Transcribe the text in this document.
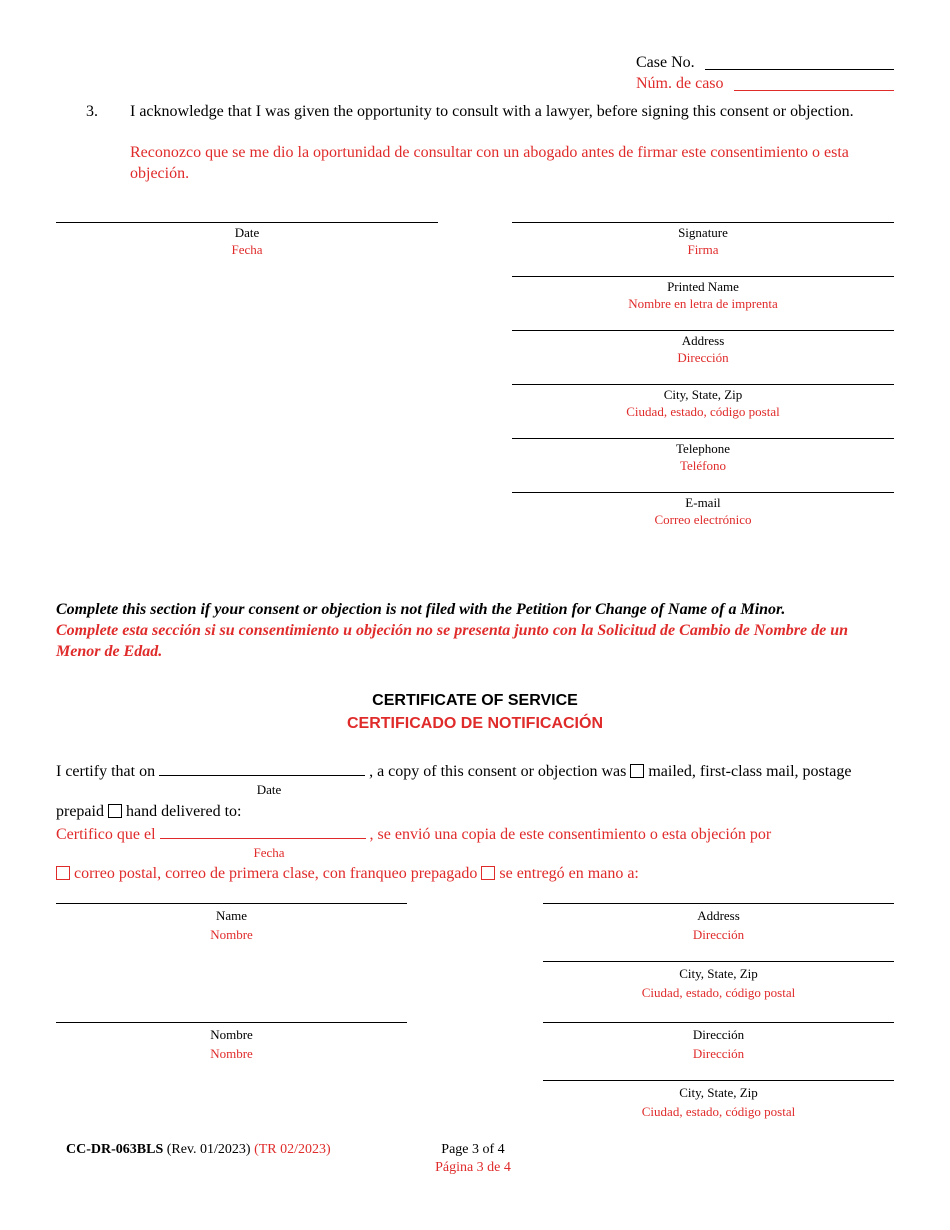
Case No.
Núm. de caso
3. I acknowledge that I was given the opportunity to consult with a lawyer, before signing this consent or objection.
Reconozco que se me dio la oportunidad de consultar con un abogado antes de firmar este consentimiento o esta objeción.
Date
Fecha
Signature
Firma
Printed Name
Nombre en letra de imprenta
Address
Dirección
City, State, Zip
Ciudad, estado, código postal
Telephone
Teléfono
E-mail
Correo electrónico
Complete this section if your consent or objection is not filed with the Petition for Change of Name of a Minor.
Complete esta sección si su consentimiento u objeción no se presenta junto con la Solicitud de Cambio de Nombre de un Menor de Edad.
CERTIFICATE OF SERVICE
CERTIFICADO DE NOTIFICACIÓN
I certify that on	, a copy of this consent or objection was mailed, first-class mail, postage
Date
prepaid hand delivered to:
Certifico que el	, se envió una copia de este consentimiento o esta objeción por
Fecha
correo postal, correo de primera clase, con franqueo prepagado se entregó en mano a:
Name
Nombre
Nombre
Nombre
Address
Dirección
City, State, Zip
Ciudad, estado, código postal
Dirección
Dirección
City, State, Zip
Ciudad, estado, código postal
CC-DR-063BLS (Rev. 01/2023) (TR 02/2023)	Page 3 of 4
Página 3 de 4
